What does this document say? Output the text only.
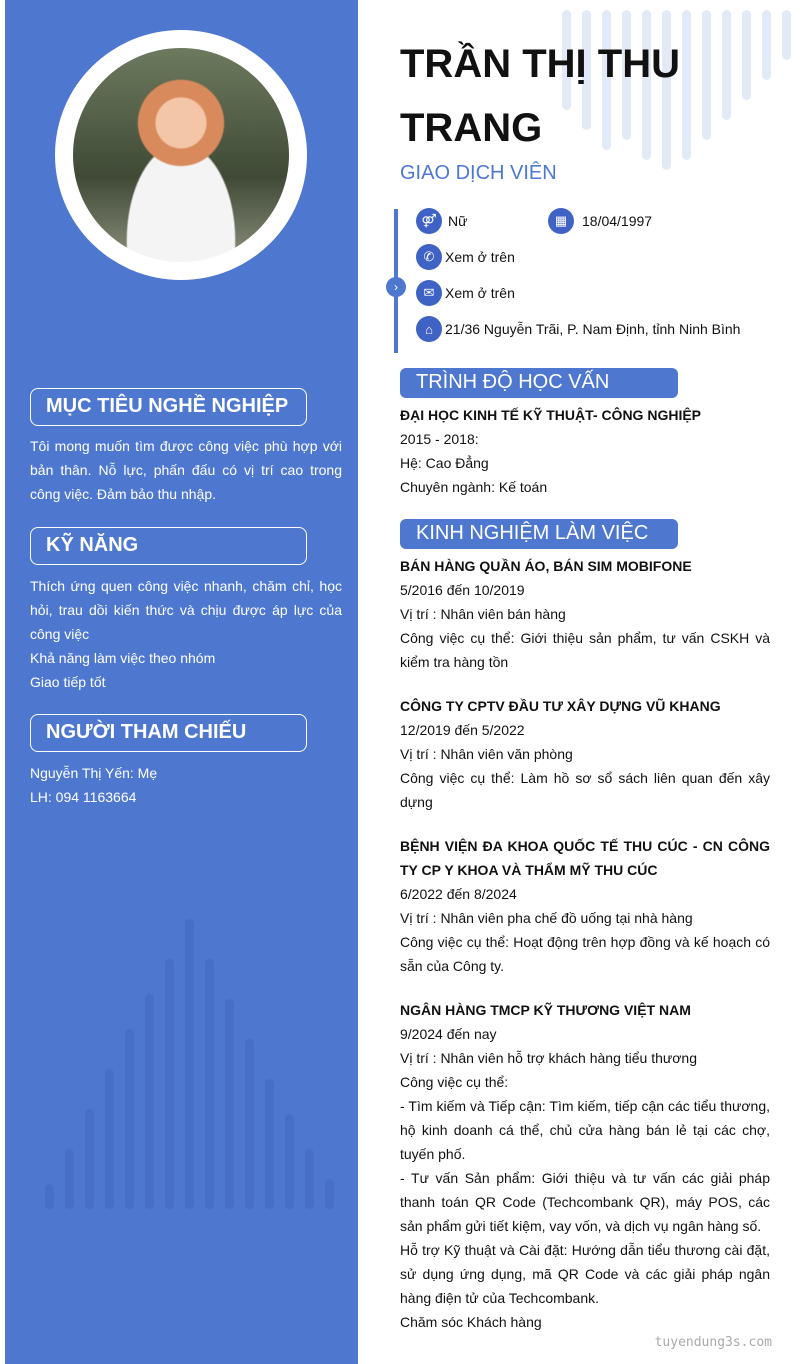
MỤC TIÊU NGHỀ NGHIỆP
Tôi mong muốn tìm được công việc phù hợp với bản thân. Nỗ lực, phấn đấu có vị trí cao trong công việc. Đảm bảo thu nhập.
KỸ NĂNG
Thích ứng quen công việc nhanh, chăm chỉ, học hỏi, trau dồi kiến thức và chịu được áp lực của công việc
Khả năng làm việc theo nhóm
Giao tiếp tốt
NGƯỜI THAM CHIẾU
Nguyễn Thị Yến: Mẹ
LH: 094 1163664
TRẦN THỊ THU TRANG
GIAO DỊCH VIÊN
›
⚤ Nữ	▦	18/04/1997
✆ Xem ở trên
✉ Xem ở trên
⌂ 21/36 Nguyễn Trãi, P. Nam Định, tỉnh Ninh Bình
TRÌNH ĐỘ HỌC VẤN
ĐẠI HỌC KINH TẾ KỸ THUẬT- CÔNG NGHIỆP
2015 - 2018:
Hệ: Cao Đẳng
Chuyên ngành: Kế toán
KINH NGHIỆM LÀM VIỆC
BÁN HÀNG QUẦN ÁO, BÁN SIM MOBIFONE
5/2016 đến 10/2019
Vị trí : Nhân viên bán hàng
Công việc cụ thể: Giới thiệu sản phẩm, tư vấn CSKH và kiểm tra hàng tồn
CÔNG TY CPTV ĐẦU TƯ XÂY DỰNG VŨ KHANG
12/2019 đến 5/2022
Vị trí : Nhân viên văn phòng
Công việc cụ thể: Làm hồ sơ sổ sách liên quan đến xây dựng
BỆNH VIỆN ĐA KHOA QUỐC TẾ THU CÚC - CN CÔNG TY CP Y KHOA VÀ THẨM MỸ THU CÚC
6/2022 đến 8/2024
Vị trí : Nhân viên pha chế đồ uống tại nhà hàng
Công việc cụ thể: Hoạt động trên hợp đồng và kế hoạch có sẵn của Công ty.
NGÂN HÀNG TMCP KỸ THƯƠNG VIỆT NAM
9/2024 đến nay
Vị trí : Nhân viên hỗ trợ khách hàng tiểu thương
Công việc cụ thể:
- Tìm kiếm và Tiếp cận: Tìm kiếm, tiếp cận các tiểu thương, hộ kinh doanh cá thể, chủ cửa hàng bán lẻ tại các chợ, tuyến phố.
- Tư vấn Sản phẩm: Giới thiệu và tư vấn các giải pháp thanh toán QR Code (Techcombank QR), máy POS, các sản phẩm gửi tiết kiệm, vay vốn, và dịch vụ ngân hàng số.
Hỗ trợ Kỹ thuật và Cài đặt: Hướng dẫn tiểu thương cài đặt, sử dụng ứng dụng, mã QR Code và các giải pháp ngân hàng điện tử của Techcombank.
Chăm sóc Khách hàng
tuyendung3s.com
